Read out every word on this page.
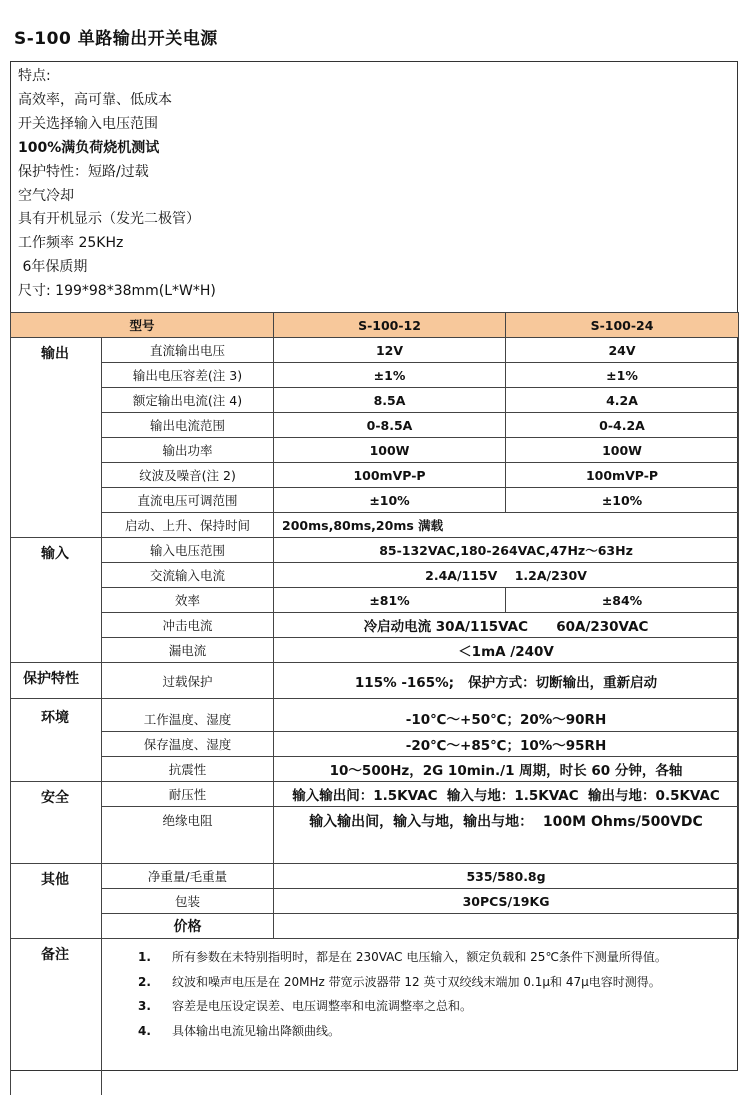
S-100 单路输出开关电源
特点:
高效率，高可靠、低成本
开关选择输入电压范围
100%满负荷烧机测试
保护特性：短路/过载
空气冷却
具有开机显示（发光二极管）
工作频率 25KHz
6年保质期
尺寸: 199*98*38mm(L*W*H)
型号		S-100-12	S-100-24
输出	直流输出电压	12V	24V
	输出电压容差(注 3)	±1%	±1%
	额定输出电流(注 4)	8.5A	4.2A
	输出电流范围	0-8.5A	0-4.2A
	输出功率	100W	100W
	纹波及噪音(注 2)	100mVP-P	100mVP-P
	直流电压可调范围	±10%	±10%
	启动、上升、保持时间	200ms,80ms,20ms 满载	
输入	输入电压范围	85-132VAC,180-264VAC,47Hz～63Hz	
	交流输入电流	2.4A/115V    1.2A/230V	
	效率	±81%	±84%
	冲击电流	冷启动电流 30A/115VAC      60A/230VAC	
	漏电流	＜1mA /240V	
保护特性	过载保护	115% -165%;   保护方式：切断输出，重新启动	
环境	工作温度、湿度	-10℃～+50℃；20%～90RH	
	保存温度、湿度	-20℃～+85℃；10%～95RH	
	抗震性	10～500Hz，2G 10min./1 周期，时长 60 分钟，各轴	
安全	耐压性	输入输出间：1.5KVAC  输入与地：1.5KVAC  输出与地：0.5KVAC	
	绝缘电阻	输入输出间，输入与地，输出与地：  100M Ohms/500VDC	
其他	净重量/毛重量	535/580.8g	
	包装	30PCS/19KG	
	价格		
备注	1. 所有参数在未特别指明时，都是在 230VAC 电压输入，额定负载和 25℃条件下测量所得值。
2. 纹波和噪声电压是在 20MHz 带宽示波器带 12 英寸双绞线末端加 0.1μ和 47μ电容时测得。
3. 容差是电压设定误差、电压调整率和电流调整率之总和。
4. 具体输出电流见输出降额曲线。		
